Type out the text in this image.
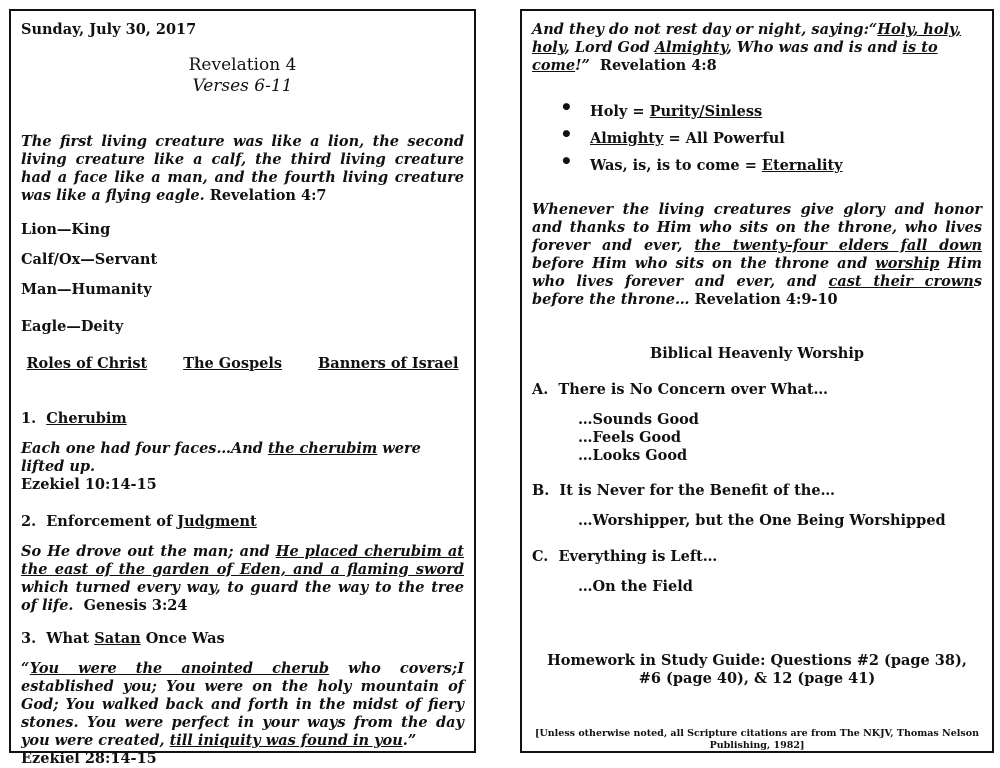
Sunday, July 30, 2017
Revelation 4
Verses 6-11
The first living creature was like a lion, the second living creature like a calf, the third living creature had a face like a man, and the fourth living creature was like a flying eagle. Revelation 4:7
Lion—King
Calf/Ox—Servant
Man—Humanity
Eagle—Deity
Roles of Christ The Gospels Banners of Israel
1. Cherubim
Each one had four faces…And the cherubim were lifted up.
Ezekiel 10:14-15
2. Enforcement of Judgment
So He drove out the man; and He placed cherubim at the east of the garden of Eden, and a flaming sword which turned every way, to guard the way to the tree of life. Genesis 3:24
3. What Satan Once Was
“You were the anointed cherub who covers;I established you; You were on the holy mountain of God; You walked back and forth in the midst of fiery stones. You were perfect in your ways from the day you were created, till iniquity was found in you.”
Ezekiel 28:14-15
And they do not rest day or night, saying:“Holy, holy, holy, Lord God Almighty, Who was and is and is to come!” Revelation 4:8
• Holy = Purity/Sinless
• Almighty = All Powerful
• Was, is, is to come = Eternality
Whenever the living creatures give glory and honor and thanks to Him who sits on the throne, who lives forever and ever, the twenty-four elders fall down before Him who sits on the throne and worship Him who lives forever and ever, and cast their crowns before the throne… Revelation 4:9-10
Biblical Heavenly Worship
A. There is No Concern over What…
…Sounds Good
…Feels Good
…Looks Good
B. It is Never for the Benefit of the…
…Worshipper, but the One Being Worshipped
C. Everything is Left…
…On the Field
Homework in Study Guide: Questions #2 (page 38),
#6 (page 40), & 12 (page 41)
[Unless otherwise noted, all Scripture citations are from The NKJV, Thomas Nelson Publishing, 1982]
